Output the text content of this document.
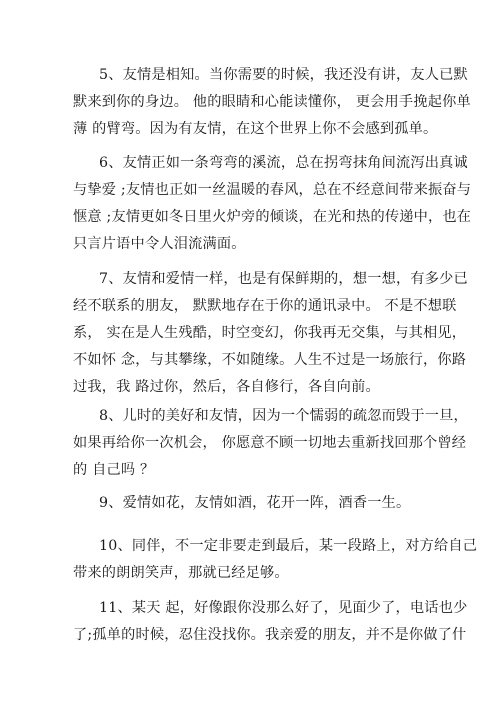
5、友情是相知。当你需要的时候，我还没有讲，友人已默
默来到你的身边。 他的眼睛和心能读懂你， 更会用手挽起你单
薄 的臂弯。因为有友情，在这个世界上你不会感到孤单。
6、友情正如一条弯弯的溪流，总在拐弯抹角间流泻出真诚
与挚爱 ;友情也正如一丝温暖的春风，总在不经意间带来振奋与
惬意 ;友情更如冬日里火炉旁的倾谈，在光和热的传递中，也在
只言片语中令人泪流满面。
7、友情和爱情一样，也是有保鲜期的，想一想，有多少已
经不联系的朋友， 默默地存在于你的通讯录中。 不是不想联
系， 实在是人生残酷，时空变幻，你我再无交集，与其相见，
不如怀 念，与其攀缘，不如随缘。人生不过是一场旅行，你路
过我，我 路过你，然后，各自修行，各自向前。
8、儿时的美好和友情，因为一个懦弱的疏忽而毁于一旦，
如果再给你一次机会， 你愿意不顾一切地去重新找回那个曾经
的 自己吗 ？
9、爱情如花，友情如酒，花开一阵，酒香一生。
10、同伴，不一定非要走到最后，某一段路上，对方给自己
带来的朗朗笑声，那就已经足够。
11、某天 起，好像跟你没那么好了，见面少了，电话也少
了;孤单的时候，忍住没找你。我亲爱的朋友，并不是你做了什
